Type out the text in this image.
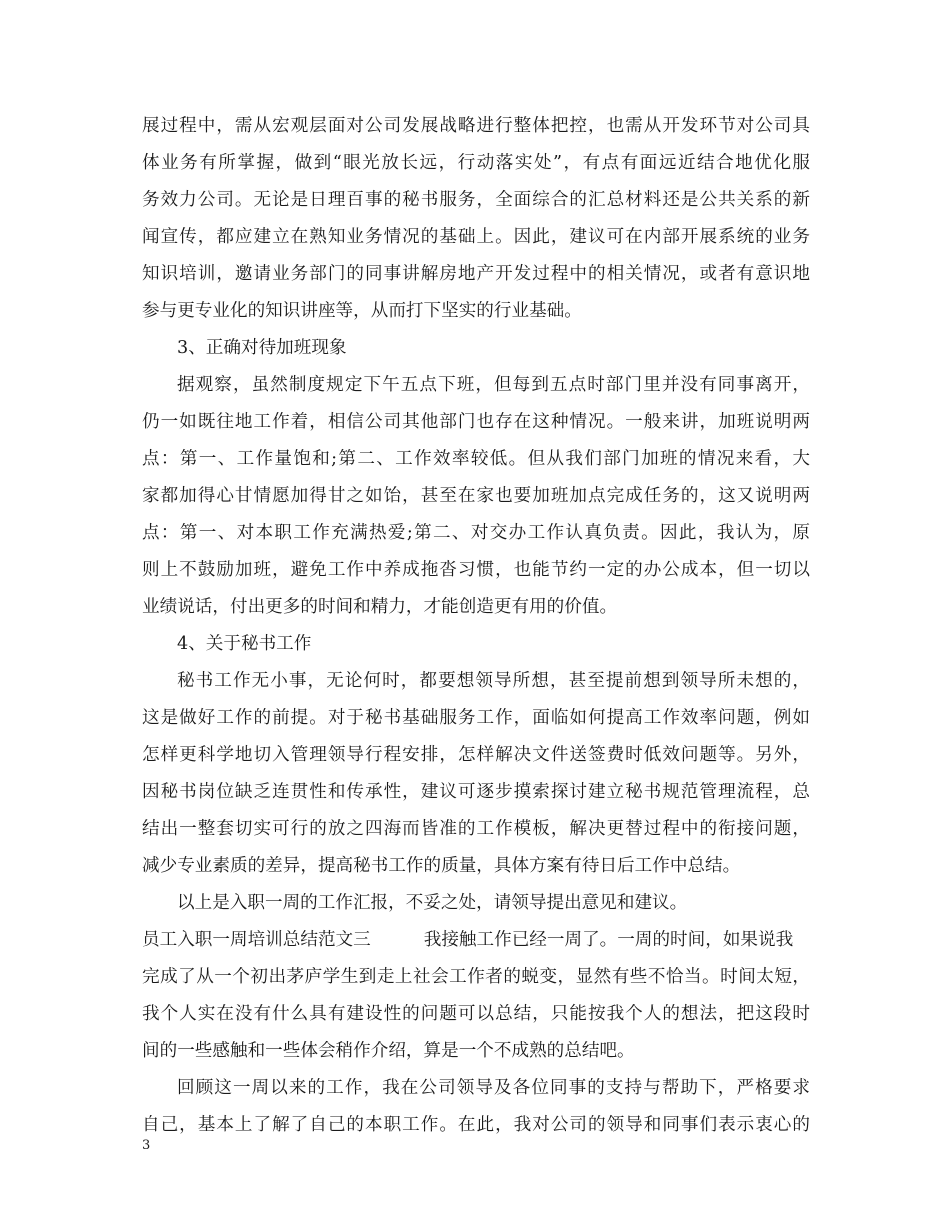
展过程中，需从宏观层面对公司发展战略进行整体把控，也需从开发环节对公司具
体业务有所掌握，做到“眼光放长远，行动落实处”，有点有面远近结合地优化服
务效力公司。无论是日理百事的秘书服务，全面综合的汇总材料还是公共关系的新
闻宣传，都应建立在熟知业务情况的基础上。因此，建议可在内部开展系统的业务
知识培训，邀请业务部门的同事讲解房地产开发过程中的相关情况，或者有意识地
参与更专业化的知识讲座等，从而打下坚实的行业基础。
3、正确对待加班现象
据观察，虽然制度规定下午五点下班，但每到五点时部门里并没有同事离开，
仍一如既往地工作着，相信公司其他部门也存在这种情况。一般来讲，加班说明两
点：第一、工作量饱和;第二、工作效率较低。但从我们部门加班的情况来看，大
家都加得心甘情愿加得甘之如饴，甚至在家也要加班加点完成任务的，这又说明两
点：第一、对本职工作充满热爱;第二、对交办工作认真负责。因此，我认为，原
则上不鼓励加班，避免工作中养成拖沓习惯，也能节约一定的办公成本，但一切以
业绩说话，付出更多的时间和精力，才能创造更有用的价值。
4、关于秘书工作
秘书工作无小事，无论何时，都要想领导所想，甚至提前想到领导所未想的，
这是做好工作的前提。对于秘书基础服务工作，面临如何提高工作效率问题，例如
怎样更科学地切入管理领导行程安排，怎样解决文件送签费时低效问题等。另外，
因秘书岗位缺乏连贯性和传承性，建议可逐步摸索探讨建立秘书规范管理流程，总
结出一整套切实可行的放之四海而皆准的工作模板，解决更替过程中的衔接问题，
减少专业素质的差异，提高秘书工作的质量，具体方案有待日后工作中总结。
以上是入职一周的工作汇报，不妥之处，请领导提出意见和建议。
员工入职一周培训总结范文三	我接触工作已经一周了。一周的时间，如果说我
完成了从一个初出茅庐学生到走上社会工作者的蜕变，显然有些不恰当。时间太短，
我个人实在没有什么具有建设性的问题可以总结，只能按我个人的想法，把这段时
间的一些感触和一些体会稍作介绍，算是一个不成熟的总结吧。
回顾这一周以来的工作，我在公司领导及各位同事的支持与帮助下，严格要求
自己，基本上了解了自己的本职工作。在此，我对公司的领导和同事们表示衷心的
3
